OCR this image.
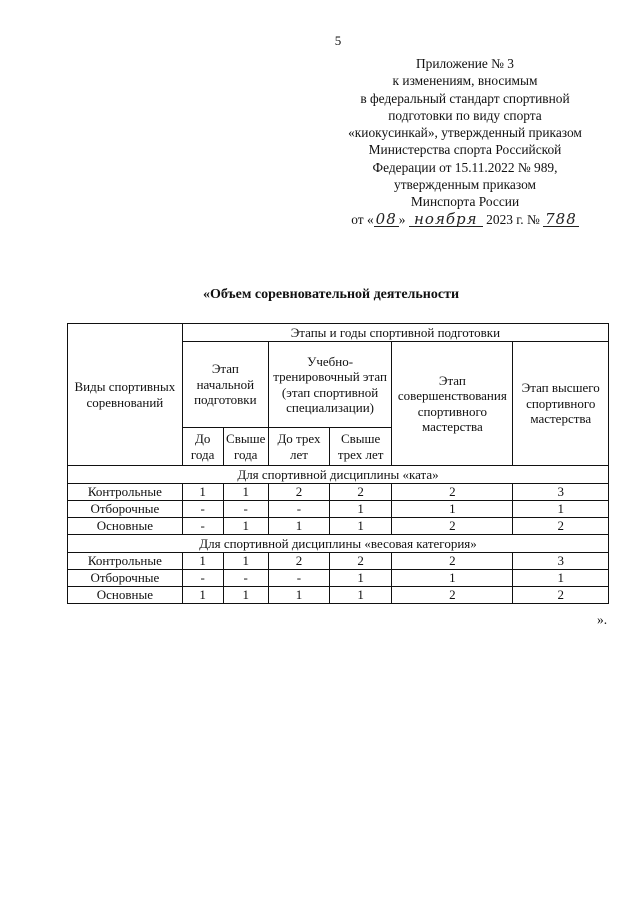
5
Приложение № 3
к изменениям, вносимым
в федеральный стандарт спортивной
подготовки по виду спорта
«киокусинкай», утвержденный приказом
Министерства спорта Российской
Федерации от 15.11.2022 № 989,
утвержденным приказом
Минспорта России
от « 08 » ноября 2023 г. № 788
«Объем соревновательной деятельности
Виды спортивных соревнований	Этапы и годы спортивной подготовки					
	Этап начальной подготовки		Учебно-тренировочный этап (этап спортивной специализации)		Этап совершенствования спортивного мастерства	Этап высшего спортивного мастерства
	До года	Свыше года	До трех лет	Свыше трех лет		
Для спортивной дисциплины «ката»						
Контрольные	1	1	2	2	2	3
Отборочные	-	-	-	1	1	1
Основные	-	1	1	1	2	2
Для спортивной дисциплины «весовая категория»						
Контрольные	1	1	2	2	2	3
Отборочные	-	-	-	1	1	1
Основные	1	1	1	1	2	2
».
